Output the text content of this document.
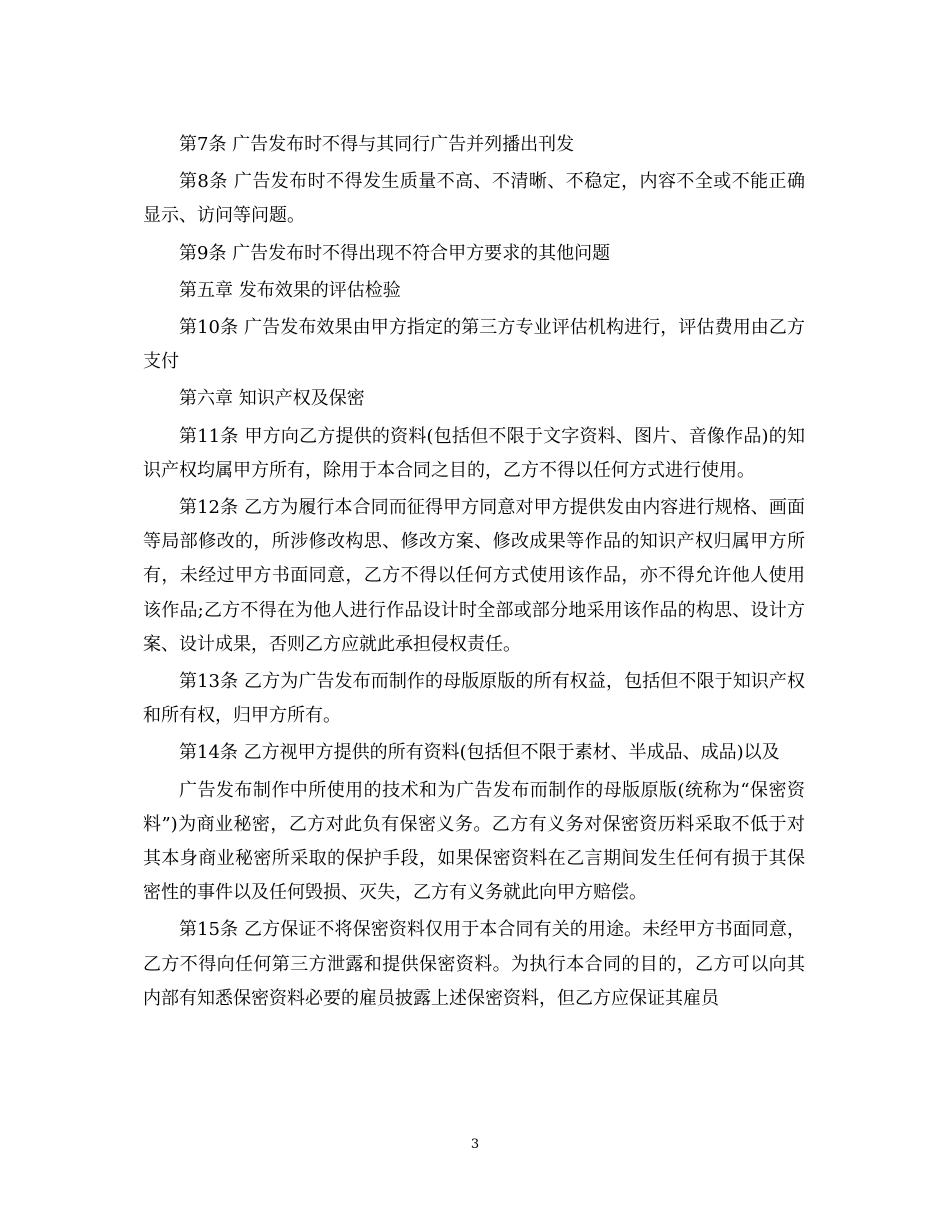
第7条 广告发布时不得与其同行广告并列播出刊发

第8条 广告发布时不得发生质量不高、不清晰、不稳定，内容不全或不能正确显示、访问等问题。

第9条 广告发布时不得出现不符合甲方要求的其他问题

第五章 发布效果的评估检验

第10条 广告发布效果由甲方指定的第三方专业评估机构进行，评估费用由乙方支付

第六章 知识产权及保密

第11条 甲方向乙方提供的资料(包括但不限于文字资料、图片、音像作品)的知识产权均属甲方所有，除用于本合同之目的，乙方不得以任何方式进行使用。

第12条 乙方为履行本合同而征得甲方同意对甲方提供发由内容进行规格、画面等局部修改的，所涉修改构思、修改方案、修改成果等作品的知识产权归属甲方所有，未经过甲方书面同意，乙方不得以任何方式使用该作品，亦不得允许他人使用该作品;乙方不得在为他人进行作品设计时全部或部分地采用该作品的构思、设计方案、设计成果，否则乙方应就此承担侵权责任。

第13条 乙方为广告发布而制作的母版原版的所有权益，包括但不限于知识产权和所有权，归甲方所有。

第14条 乙方视甲方提供的所有资料(包括但不限于素材、半成品、成品)以及

广告发布制作中所使用的技术和为广告发布而制作的母版原版(统称为“保密资料”)为商业秘密，乙方对此负有保密义务。乙方有义务对保密资历料采取不低于对其本身商业秘密所采取的保护手段，如果保密资料在乙言期间发生任何有损于其保密性的事件以及任何毁损、灭失，乙方有义务就此向甲方赔偿。

第15条 乙方保证不将保密资料仅用于本合同有关的用途。未经甲方书面同意，乙方不得向任何第三方泄露和提供保密资料。为执行本合同的目的，乙方可以向其内部有知悉保密资料必要的雇员披露上述保密资料，但乙方应保证其雇员

3
